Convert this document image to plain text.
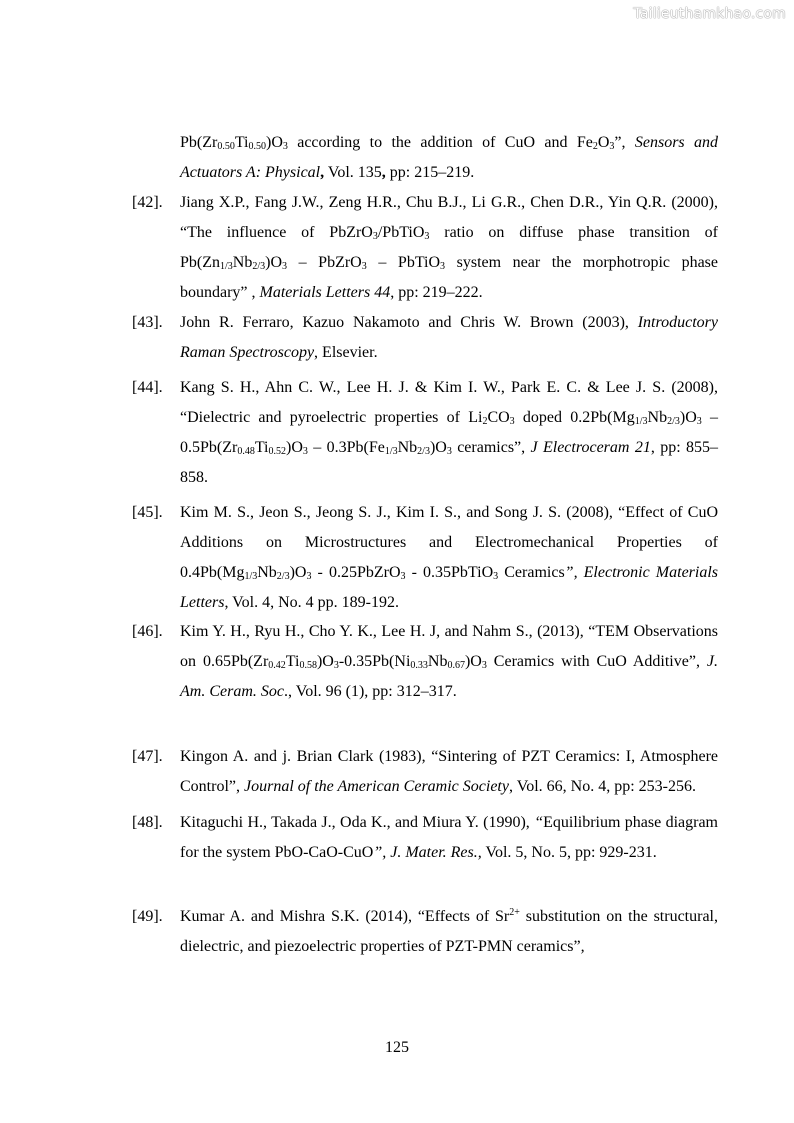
Tailieuthamkhao.com
$Pb(Zr_{0.50}Ti_{0.50})O_3$ according to the addition of CuO and $Fe_2O_3$”, Sensors and Actuators A: Physical, Vol. 135, pp: 215–219.
[42]. Jiang X.P., Fang J.W., Zeng H.R., Chu B.J., Li G.R., Chen D.R., Yin Q.R. (2000), “The influence of PbZrO$_3$/PbTiO$_3$ ratio on diffuse phase transition of $Pb(Zn_{1/3}Nb_{2/3})O_3$ – PbZrO$_3$ – PbTiO$_3$ system near the morphotropic phase boundary” , Materials Letters 44, pp: 219–222.
[43]. John R. Ferraro, Kazuo Nakamoto and Chris W. Brown (2003), Introductory Raman Spectroscopy, Elsevier.
[44]. Kang S. H., Ahn C. W., Lee H. J. & Kim I. W., Park E. C. & Lee J. S. (2008), “Dielectric and pyroelectric properties of $Li_2CO_3$ doped $0.2Pb(Mg_{1/3}Nb_{2/3})O_3 - 0.5Pb(Zr_{0.48}Ti_{0.52})O_3 - 0.3Pb(Fe_{1/3}Nb_{2/3})O_3$ ceramics”, J Electroceram 21, pp: 855–858.
[45]. Kim M. S., Jeon S., Jeong S. J., Kim I. S., and Song J. S. (2008), “Effect of CuO Additions on Microstructures and Electromechanical Properties of $0.4Pb(Mg_{1/3}Nb_{2/3})O_3$ - 0.25PbZrO$_3$ - 0.35PbTiO$_3$ Ceramics”, Electronic Materials Letters, Vol. 4, No. 4 pp. 189-192.
[46]. Kim Y. H., Ryu H., Cho Y. K., Lee H. J, and Nahm S., (2013), “TEM Observations on $0.65Pb(Zr_{0.42}Ti_{0.58})O_3-0.35Pb(Ni_{0.33}Nb_{0.67})O_3$ Ceramics with CuO Additive”, J. Am. Ceram. Soc., Vol. 96 (1), pp: 312–317.
[47]. Kingon A. and j. Brian Clark (1983), “Sintering of PZT Ceramics: I, Atmosphere Control”, Journal of the American Ceramic Society, Vol. 66, No. 4, pp: 253-256.
[48]. Kitaguchi H., Takada J., Oda K., and Miura Y. (1990), “Equilibrium phase diagram for the system PbO-CaO-CuO”, J. Mater. Res., Vol. 5, No. 5, pp: 929-231.
[49]. Kumar A. and Mishra S.K. (2014), “Effects of $Sr^{2+}$ substitution on the structural, dielectric, and piezoelectric properties of PZT-PMN ceramics”,
125
